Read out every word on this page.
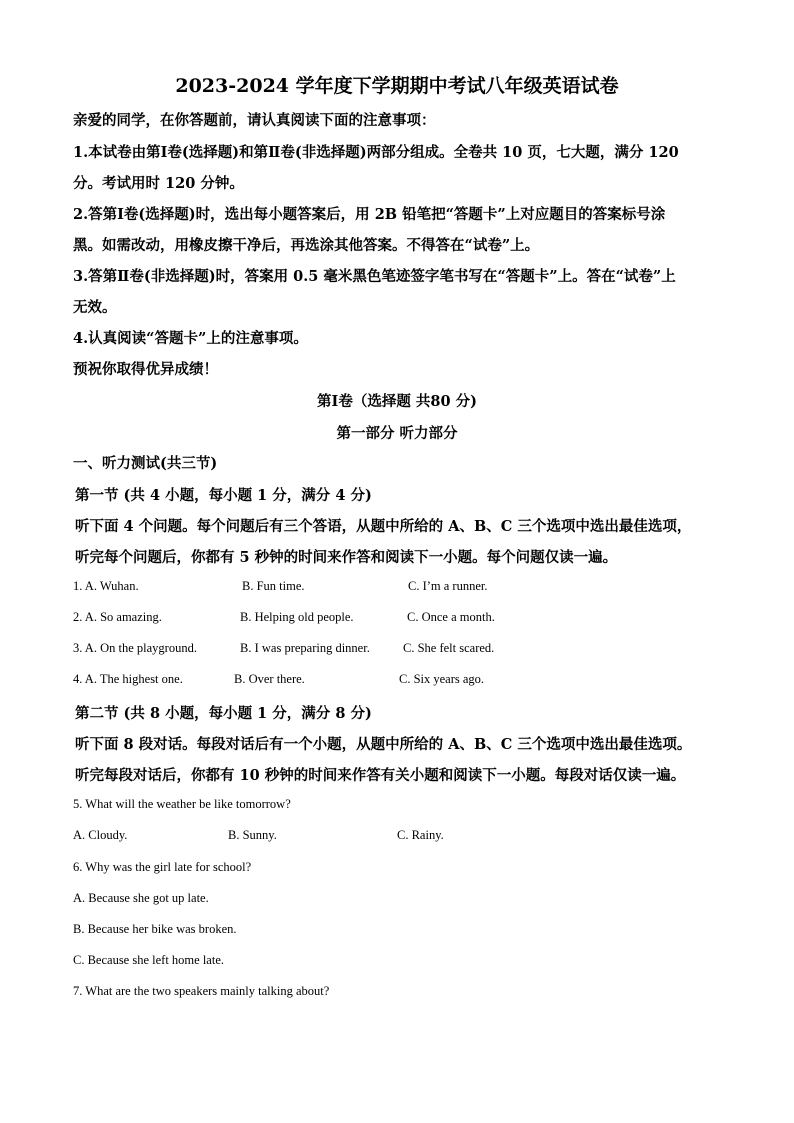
2023-2024 学年度下学期期中考试八年级英语试卷
亲爱的同学，在你答题前，请认真阅读下面的注意事项：
1.本试卷由第Ⅰ卷(选择题)和第Ⅱ卷(非选择题)两部分组成。全卷共 10 页，七大题，满分 120
分。考试用时 120 分钟。
2.答第Ⅰ卷(选择题)时，选出每小题答案后，用 2B 铅笔把“答题卡”上对应题目的答案标号涂
黑。如需改动，用橡皮擦干净后，再选涂其他答案。不得答在“试卷”上。
3.答第Ⅱ卷(非选择题)时，答案用 0.5 毫米黑色笔迹签字笔书写在“答题卡”上。答在“试卷”上
无效。
4.认真阅读“答题卡”上的注意事项。
预祝你取得优异成绩！
第Ⅰ卷（选择题 共80 分)
第一部分 听力部分
一、听力测试(共三节)
第一节 (共 4 小题，每小题 1 分，满分 4 分)
听下面 4 个问题。每个问题后有三个答语，从题中所给的 A、B、C 三个选项中选出最佳选项，
听完每个问题后，你都有 5 秒钟的时间来作答和阅读下一小题。每个问题仅读一遍。
1. A. Wuhan.	B. Fun time.	C. I’m a runner.
2. A. So amazing.	B. Helping old people.	C. Once a month.
3. A. On the playground.	B. I was preparing dinner.	C. She felt scared.
4. A. The highest one.	B. Over there.	C. Six years ago.
第二节 (共 8 小题，每小题 1 分，满分 8 分)
听下面 8 段对话。每段对话后有一个小题，从题中所给的 A、B、C 三个选项中选出最佳选项。
听完每段对话后，你都有 10 秒钟的时间来作答有关小题和阅读下一小题。每段对话仅读一遍。
5. What will the weather be like tomorrow?
A. Cloudy.	B. Sunny.	C. Rainy.
6. Why was the girl late for school?
A. Because she got up late.
B. Because her bike was broken.
C. Because she left home late.
7. What are the two speakers mainly talking about?
